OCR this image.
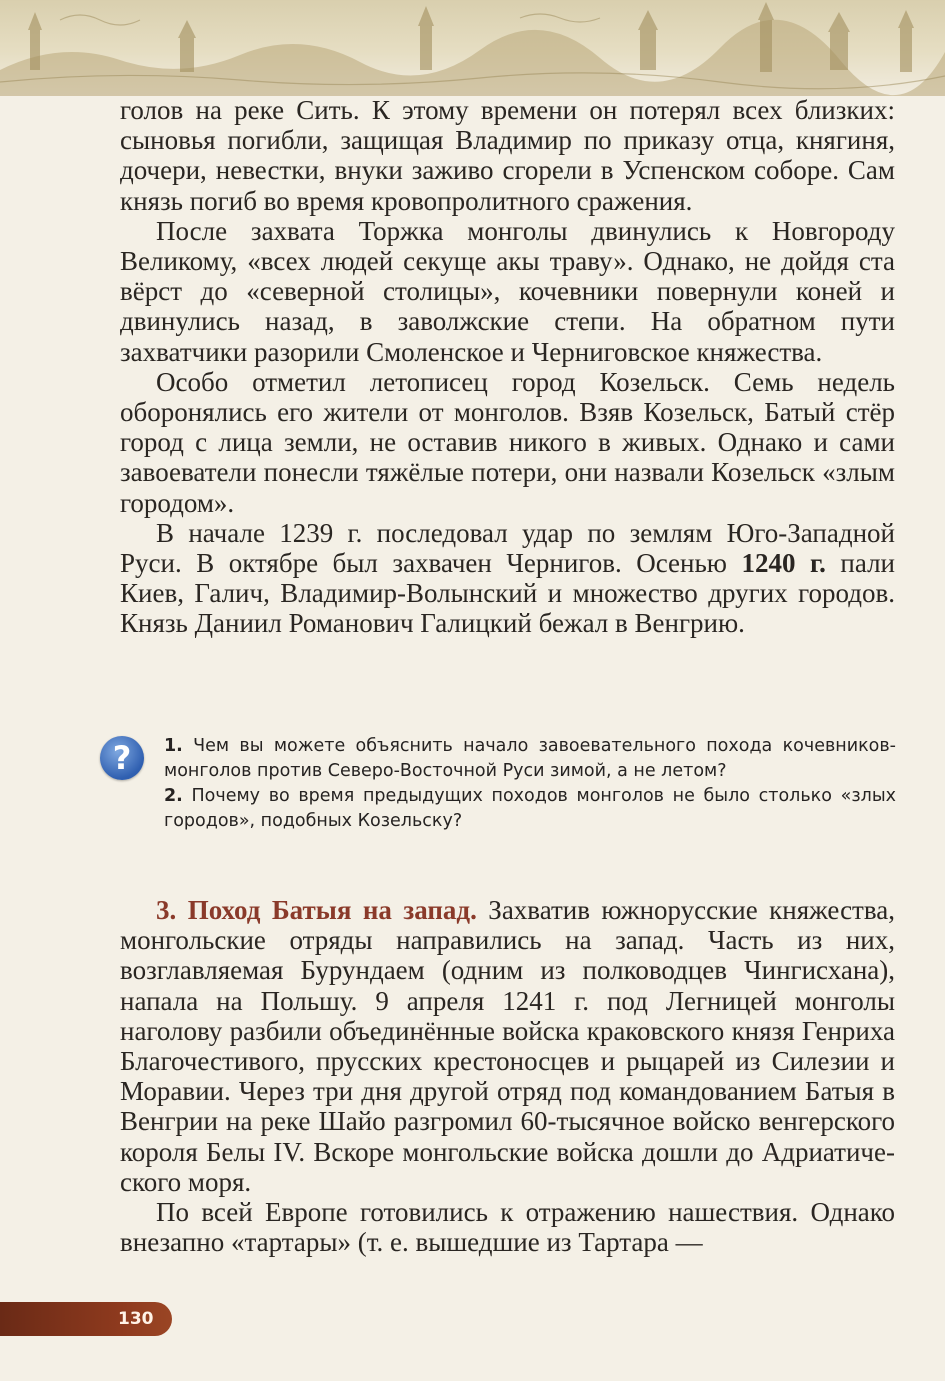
голов на реке Сить. К этому времени он потерял всех близких: сыновья погибли, защищая Владимир по приказу отца, княгиня, дочери, невестки, внуки заживо сгорели в Успенском соборе. Сам князь погиб во время кровопролитного сражения.

После захвата Торжка монголы двинулись к Новгороду Великому, «всех людей секуще акы траву». Однако, не дойдя ста вёрст до «северной столицы», кочевники повернули коней и двинулись назад, в заволжские степи. На обратном пути захватчики разорили Смоленское и Черниговское княжества.

Особо отметил летописец город Козельск. Семь недель оборонялись его жители от монголов. Взяв Козельск, Батый стёр город с лица земли, не оставив никого в живых. Однако и сами завоеватели понесли тяжёлые потери, они назвали Козельск «злым городом».

В начале 1239 г. последовал удар по землям Юго-Западной Руси. В октябре был захвачен Чернигов. Осенью 1240 г. пали Киев, Галич, Владимир-Волынский и множество других городов. Князь Даниил Романович Галицкий бежал в Венгрию.

?	1. Чем вы можете объяснить начало завоевательного похода кочевников-монголов против Северо-Восточной Руси зимой, а не летом?

2. Почему во время предыдущих походов монголов не было столько «злых городов», подобных Козельску?

3. Поход Батыя на запад. Захватив южнорусские княжества, монгольские отряды направились на запад. Часть из них, возглавляемая Бурундаем (одним из полководцев Чингисхана), напала на Польшу. 9 апреля 1241 г. под Легницей монголы наголову разбили объединённые войска краковского князя Генриха Благочестивого, прусских крестоносцев и рыцарей из Силезии и Моравии. Через три дня другой отряд под командованием Батыя в Венгрии на реке Шайо разгромил 60-тысячное войско венгерского короля Белы IV. Вскоре монгольские войска дошли до Адриатического моря.

По всей Европе готовились к отражению нашествия. Однако внезапно «тартары» (т. е. вышедшие из Тартара —

130
